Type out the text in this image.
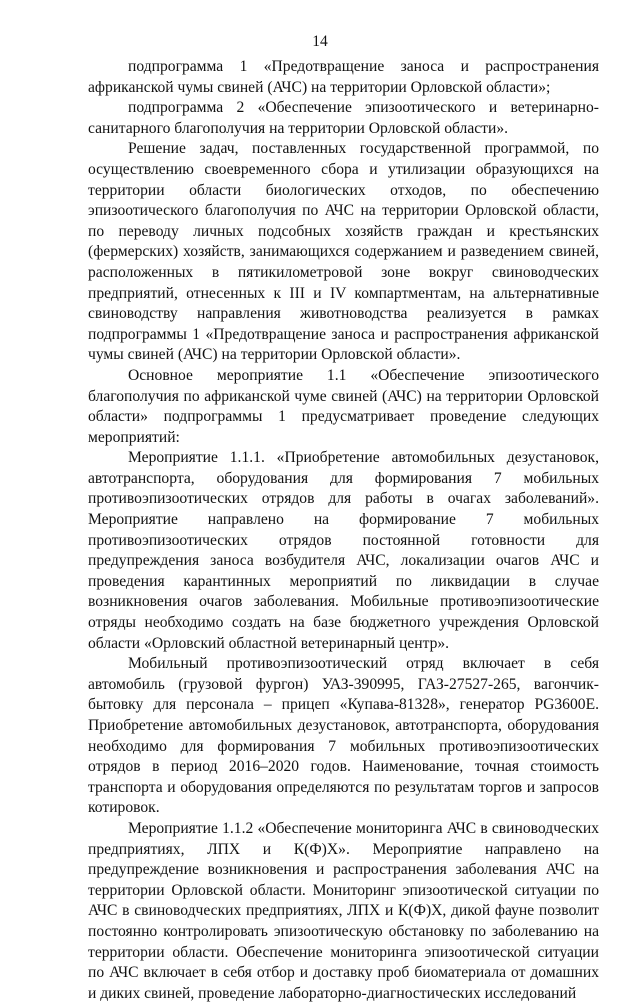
14

подпрограмма 1 «Предотвращение заноса и распространения африканской чумы свиней (АЧС) на территории Орловской области»;

подпрограмма 2 «Обеспечение эпизоотического и ветеринарно-санитарного благополучия на территории Орловской области».

Решение задач, поставленных государственной программой, по осуществлению своевременного сбора и утилизации образующихся на территории области биологических отходов, по обеспечению эпизоотического благополучия по АЧС на территории Орловской области, по переводу личных подсобных хозяйств граждан и крестьянских (фермерских) хозяйств, занимающихся содержанием и разведением свиней, расположенных в пятикилометровой зоне вокруг свиноводческих предприятий, отнесенных к III и IV компартментам, на альтернативные свиноводству направления животноводства реализуется в рамках подпрограммы 1 «Предотвращение заноса и распространения африканской чумы свиней (АЧС) на территории Орловской области».

Основное мероприятие 1.1 «Обеспечение эпизоотического благополучия по африканской чуме свиней (АЧС) на территории Орловской области» подпрограммы 1 предусматривает проведение следующих мероприятий:

Мероприятие 1.1.1. «Приобретение автомобильных дезустановок, автотранспорта, оборудования для формирования 7 мобильных противоэпизоотических отрядов для работы в очагах заболеваний». Мероприятие направлено на формирование 7 мобильных противоэпизоотических отрядов постоянной готовности для предупреждения заноса возбудителя АЧС, локализации очагов АЧС и проведения карантинных мероприятий по ликвидации в случае возникновения очагов заболевания. Мобильные противоэпизоотические отряды необходимо создать на базе бюджетного учреждения Орловской области «Орловский областной ветеринарный центр».

Мобильный противоэпизоотический отряд включает в себя автомобиль (грузовой фургон) УАЗ-390995, ГАЗ-27527-265, вагончик-бытовку для персонала – прицеп «Купава-81328», генератор PG3600E. Приобретение автомобильных дезустановок, автотранспорта, оборудования необходимо для формирования 7 мобильных противоэпизоотических отрядов в период 2016–2020 годов. Наименование, точная стоимость транспорта и оборудования определяются по результатам торгов и запросов котировок.

Мероприятие 1.1.2 «Обеспечение мониторинга АЧС в свиноводческих предприятиях, ЛПХ и К(Ф)Х». Мероприятие направлено на предупреждение возникновения и распространения заболевания АЧС на территории Орловской области. Мониторинг эпизоотической ситуации по АЧС в свиноводческих предприятиях, ЛПХ и К(Ф)Х, дикой фауне позволит постоянно контролировать эпизоотическую обстановку по заболеванию на территории области. Обеспечение мониторинга эпизоотической ситуации по АЧС включает в себя отбор и доставку проб биоматериала от домашних и диких свиней, проведение лабораторно-диагностических исследований
